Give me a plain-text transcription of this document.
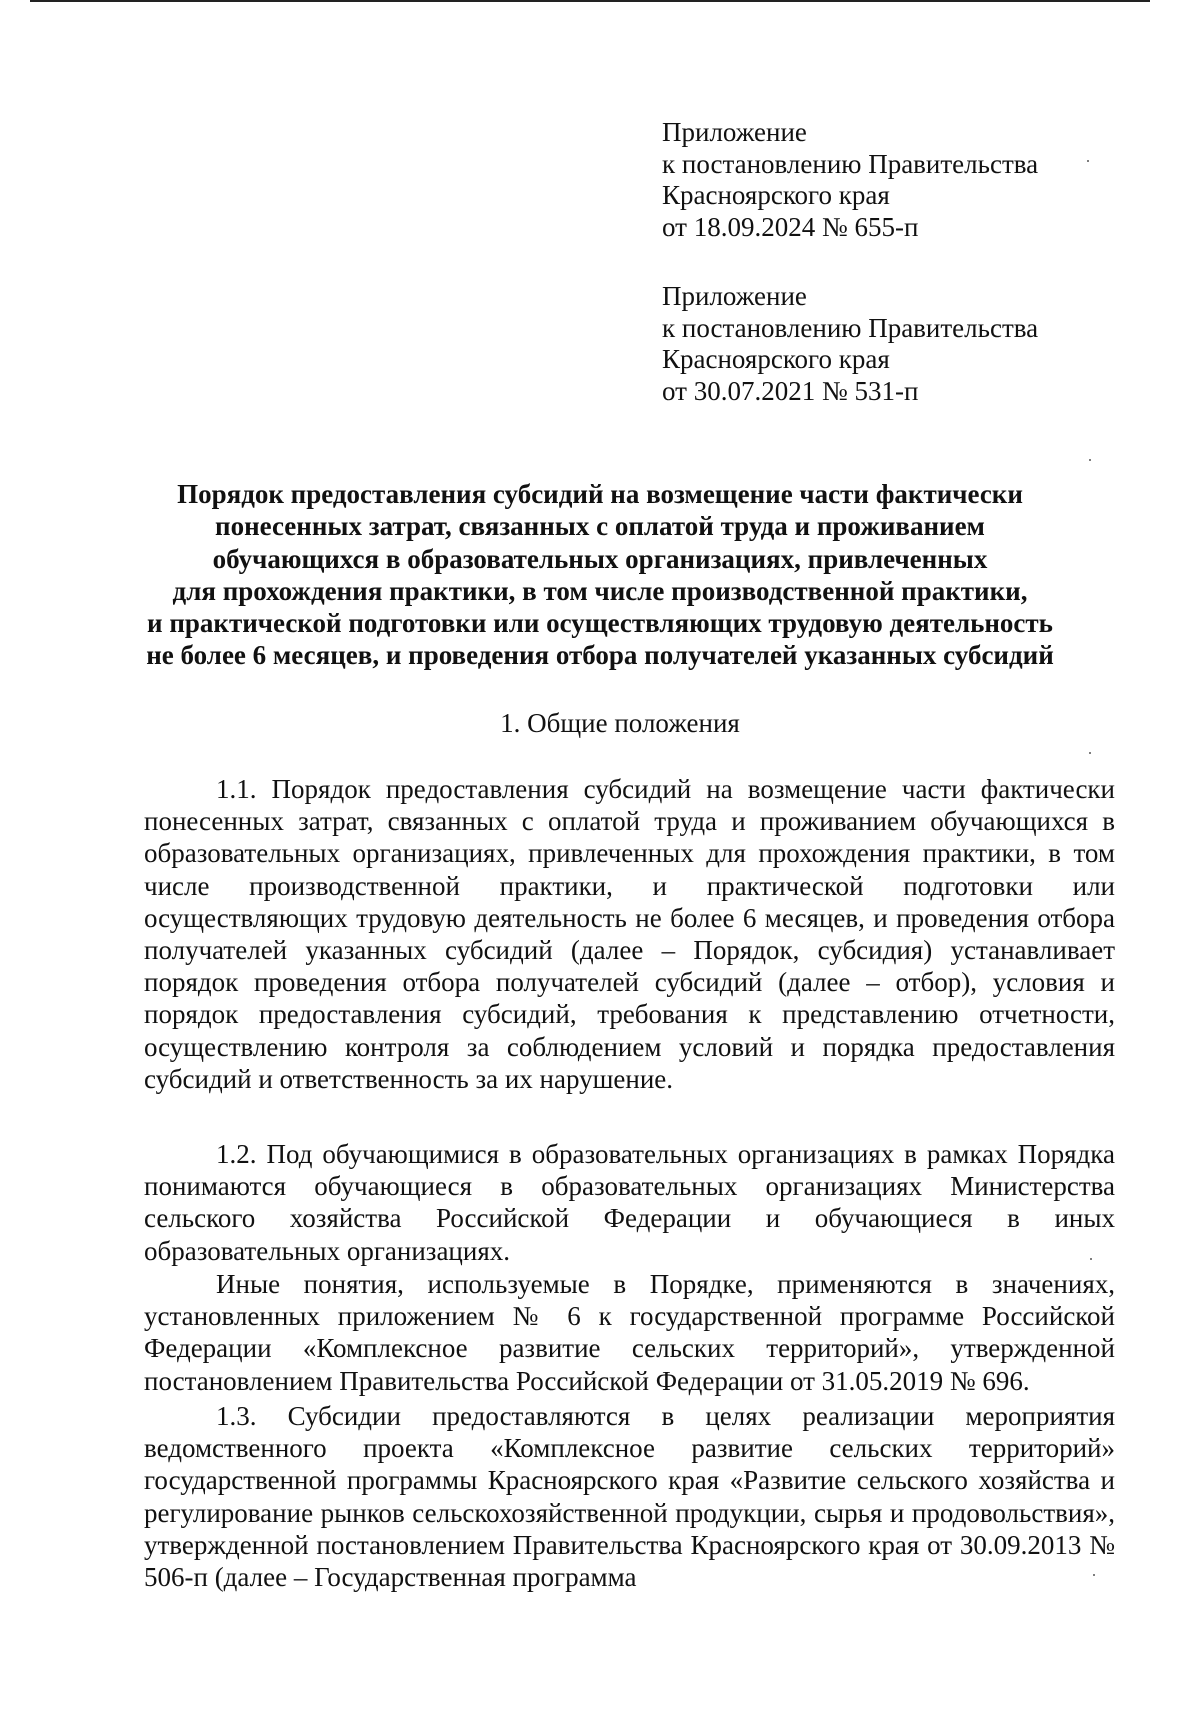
Приложение
к постановлению Правительства
Красноярского края
от 18.09.2024 № 655-п
Приложение
к постановлению Правительства
Красноярского края
от 30.07.2021 № 531-п
Порядок предоставления субсидий на возмещение части фактически
понесенных затрат, связанных с оплатой труда и проживанием
обучающихся в образовательных организациях, привлеченных
для прохождения практики, в том числе производственной практики,
и практической подготовки или осуществляющих трудовую деятельность
не более 6 месяцев, и проведения отбора получателей указанных субсидий
1. Общие положения

1.1. Порядок предоставления субсидий на возмещение части фактически понесенных затрат, связанных с оплатой труда и проживанием обучающихся в образовательных организациях, привлеченных для прохождения практики, в том числе производственной практики, и практической подготовки или осуществляющих трудовую деятельность не более 6 месяцев, и проведения отбора получателей указанных субсидий (далее – Порядок, субсидия) устанавливает порядок проведения отбора получателей субсидий (далее – отбор), условия и порядок предоставления субсидий, требования к представлению отчетности, осуществлению контроля за соблюдением условий и порядка предоставления субсидий и ответственность за их нарушение.

1.2. Под обучающимися в образовательных организациях в рамках Порядка понимаются обучающиеся в образовательных организациях Министерства сельского хозяйства Российской Федерации и обучающиеся в иных образовательных организациях.

Иные понятия, используемые в Порядке, применяются в значениях, установленных приложением № 6 к государственной программе Российской Федерации «Комплексное развитие сельских территорий», утвержденной постановлением Правительства Российской Федерации от 31.05.2019 № 696.

1.3. Субсидии предоставляются в целях реализации мероприятия ведомственного проекта «Комплексное развитие сельских территорий» государственной программы Красноярского края «Развитие сельского хозяйства и регулирование рынков сельскохозяйственной продукции, сырья и продовольствия», утвержденной постановлением Правительства Красноярского края от 30.09.2013 № 506-п (далее – Государственная программа
